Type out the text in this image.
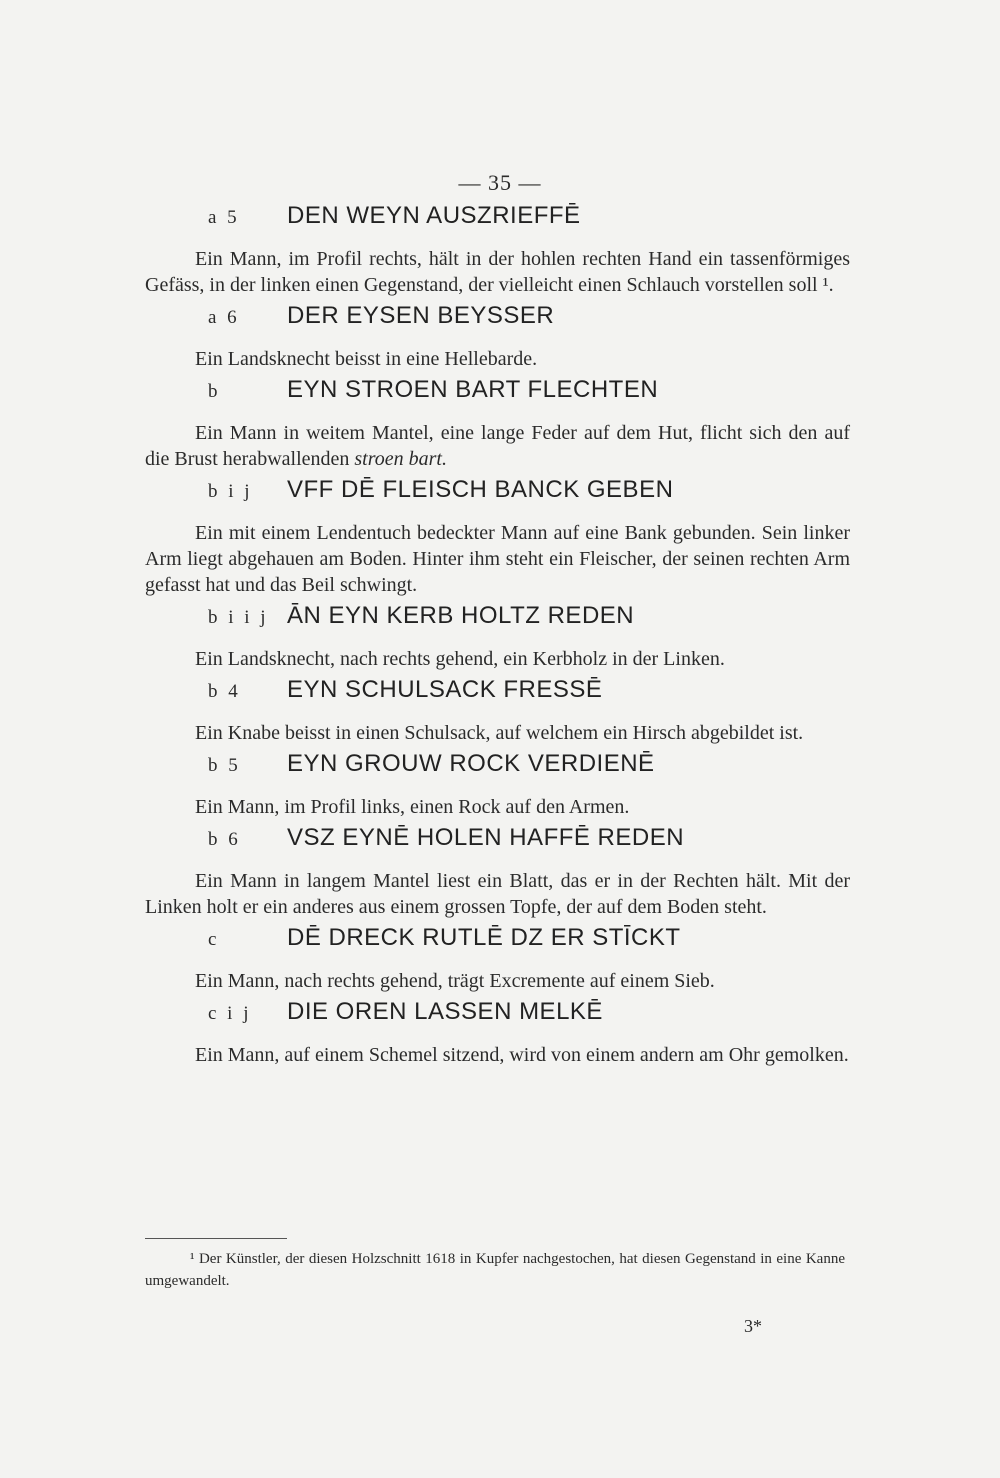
— 35 —
a 5	DEN WEYN AUSZRIEFFĒ

Ein Mann, im Profil rechts, hält in der hohlen rechten Hand ein tassenförmiges Gefäss, in der linken einen Gegenstand, der vielleicht einen Schlauch vorstellen soll ¹.

a 6	DER EYSEN BEYSSER

Ein Landsknecht beisst in eine Hellebarde.

b	EYN STROEN BART FLECHTEN

Ein Mann in weitem Mantel, eine lange Feder auf dem Hut, flicht sich den auf die Brust herabwallenden stroen bart.

b i j	VFF DĒ FLEISCH BANCK GEBEN

Ein mit einem Lendentuch bedeckter Mann auf eine Bank gebunden. Sein linker Arm liegt abgehauen am Boden. Hinter ihm steht ein Fleischer, der seinen rechten Arm gefasst hat und das Beil schwingt.

b i i j ĀN EYN KERB HOLTZ REDEN

Ein Landsknecht, nach rechts gehend, ein Kerbholz in der Linken.

b 4	EYN SCHULSACK FRESSĒ

Ein Knabe beisst in einen Schulsack, auf welchem ein Hirsch abgebildet ist.

b 5	EYN GROUW ROCK VERDIENĒ

Ein Mann, im Profil links, einen Rock auf den Armen.

b 6	VSZ EYNĒ HOLEN HAFFĒ REDEN

Ein Mann in langem Mantel liest ein Blatt, das er in der Rechten hält. Mit der Linken holt er ein anderes aus einem grossen Topfe, der auf dem Boden steht.

c	DĒ DRECK RUTLĒ DZ ER STĪCKT

Ein Mann, nach rechts gehend, trägt Excremente auf einem Sieb.

c i j	DIE OREN LASSEN MELKĒ

Ein Mann, auf einem Schemel sitzend, wird von einem andern am Ohr gemolken.

¹ Der Künstler, der diesen Holzschnitt 1618 in Kupfer nachgestochen, hat diesen Gegenstand in eine Kanne umgewandelt.
3*
